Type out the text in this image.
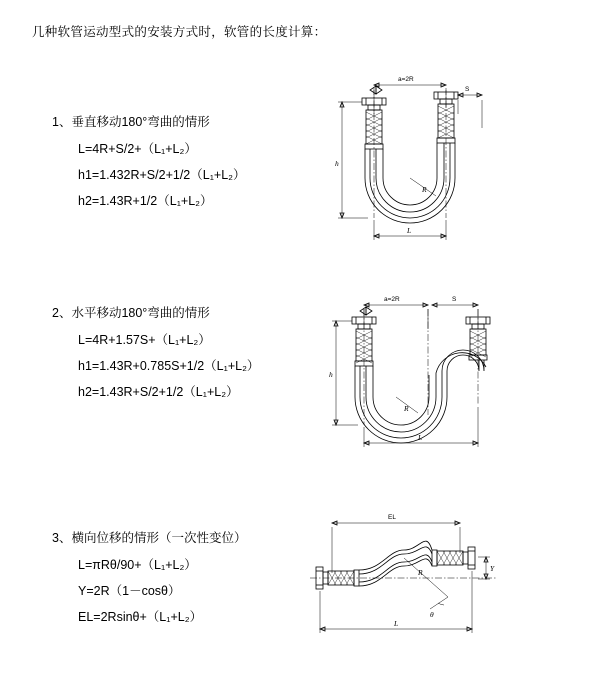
几种软管运动型式的安装方式时，软管的长度计算：
1、垂直移动180°弯曲的情形
L=4R+S/2+（L₁+L₂）
h1=1.432R+S/2+1/2（L₁+L₂）
h2=1.43R+1/2（L₁+L₂）
a=2R
S
R
h
L
2、水平移动180°弯曲的情形
L=4R+1.57S+（L₁+L₂）
h1=1.43R+0.785S+1/2（L₁+L₂）
h2=1.43R+S/2+1/2（L₁+L₂）
a=2R	S
R
h
L
3、横向位移的情形（一次性变位）
L=πRθ/90+（L₁+L₂）
Y=2R（1－cosθ）
EL=2Rsinθ+（L₁+L₂）
EL
Y
R
θ
L
